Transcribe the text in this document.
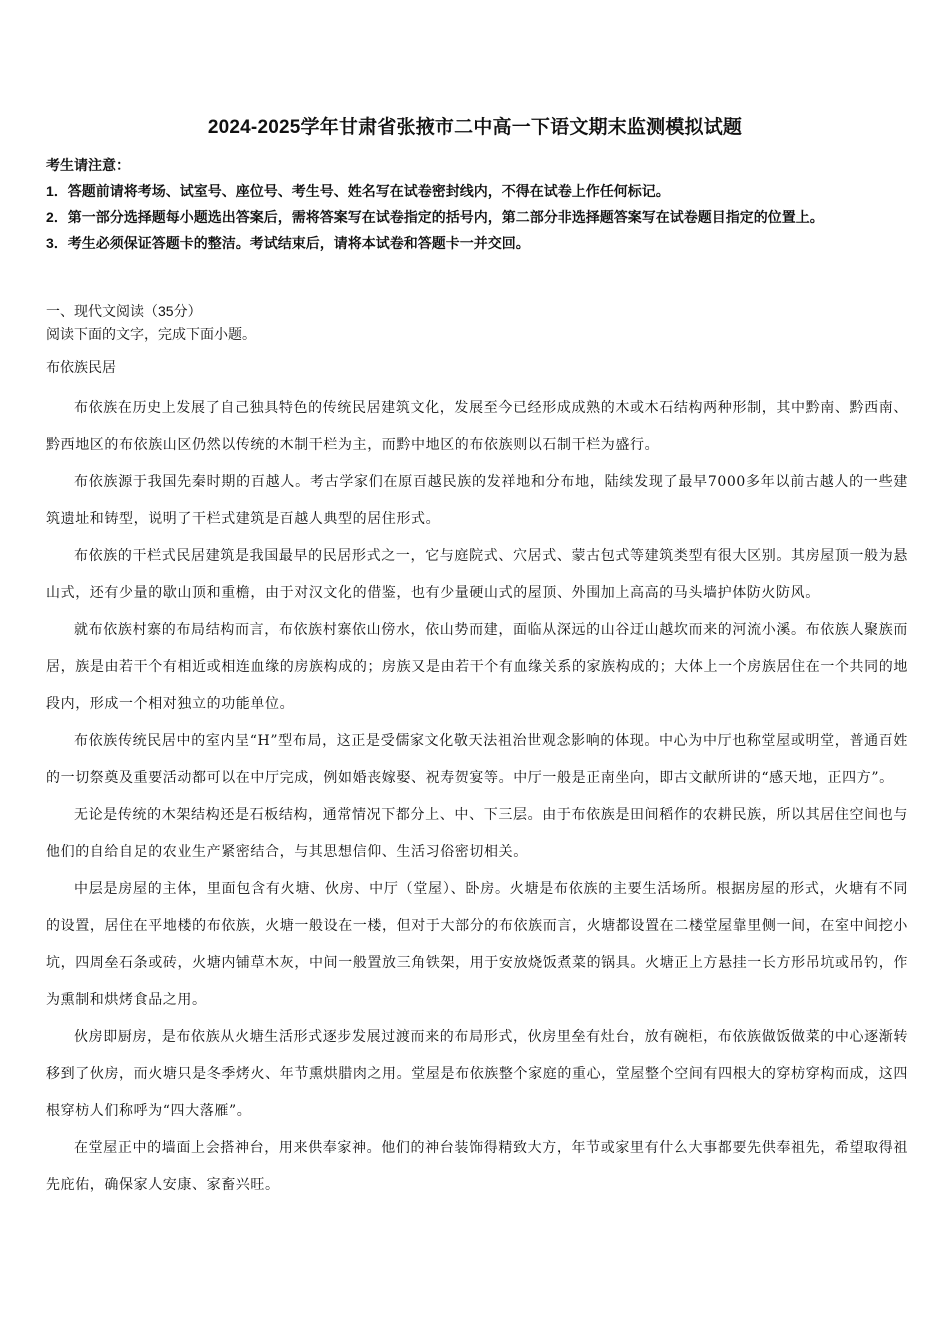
2024-2025学年甘肃省张掖市二中高一下语文期末监测模拟试题
考生请注意：
1．答题前请将考场、试室号、座位号、考生号、姓名写在试卷密封线内，不得在试卷上作任何标记。
2．第一部分选择题每小题选出答案后，需将答案写在试卷指定的括号内，第二部分非选择题答案写在试卷题目指定的位置上。
3．考生必须保证答题卡的整洁。考试结束后，请将本试卷和答题卡一并交回。
一、现代文阅读（35分）
阅读下面的文字，完成下面小题。
布依族民居

布依族在历史上发展了自己独具特色的传统民居建筑文化，发展至今已经形成成熟的木或木石结构两种形制，其中黔南、黔西南、黔西地区的布依族山区仍然以传统的木制干栏为主，而黔中地区的布依族则以石制干栏为盛行。

布依族源于我国先秦时期的百越人。考古学家们在原百越民族的发祥地和分布地，陆续发现了最早7000多年以前古越人的一些建筑遗址和铸型，说明了干栏式建筑是百越人典型的居住形式。

布依族的干栏式民居建筑是我国最早的民居形式之一，它与庭院式、穴居式、蒙古包式等建筑类型有很大区别。其房屋顶一般为悬山式，还有少量的歇山顶和重檐，由于对汉文化的借鉴，也有少量硬山式的屋顶、外围加上高高的马头墙护体防火防风。

就布依族村寨的布局结构而言，布依族村寨依山傍水，依山势而建，面临从深远的山谷迂山越坎而来的河流小溪。布依族人聚族而居，族是由若干个有相近或相连血缘的房族构成的；房族又是由若干个有血缘关系的家族构成的；大体上一个房族居住在一个共同的地段内，形成一个相对独立的功能单位。

布依族传统民居中的室内呈“H”型布局，这正是受儒家文化敬天法祖治世观念影响的体现。中心为中厅也称堂屋或明堂，普通百姓的一切祭奠及重要活动都可以在中厅完成，例如婚丧嫁娶、祝寿贺宴等。中厅一般是正南坐向，即古文献所讲的“感天地，正四方”。

无论是传统的木架结构还是石板结构，通常情况下都分上、中、下三层。由于布依族是田间稻作的农耕民族，所以其居住空间也与他们的自给自足的农业生产紧密结合，与其思想信仰、生活习俗密切相关。

中层是房屋的主体，里面包含有火塘、伙房、中厅（堂屋）、卧房。火塘是布依族的主要生活场所。根据房屋的形式，火塘有不同的设置，居住在平地楼的布依族，火塘一般设在一楼，但对于大部分的布依族而言，火塘都设置在二楼堂屋靠里侧一间，在室中间挖小坑，四周垒石条或砖，火塘内铺草木灰，中间一般置放三角铁架，用于安放烧饭煮菜的锅具。火塘正上方悬挂一长方形吊坑或吊钓，作为熏制和烘烤食品之用。

伙房即厨房，是布依族从火塘生活形式逐步发展过渡而来的布局形式，伙房里垒有灶台，放有碗柜，布依族做饭做菜的中心逐渐转移到了伙房，而火塘只是冬季烤火、年节熏烘腊肉之用。堂屋是布依族整个家庭的重心，堂屋整个空间有四根大的穿枋穿构而成，这四根穿枋人们称呼为“四大落雁”。

在堂屋正中的墙面上会搭神台，用来供奉家神。他们的神台装饰得精致大方，年节或家里有什么大事都要先供奉祖先，希望取得祖先庇佑，确保家人安康、家畜兴旺。
